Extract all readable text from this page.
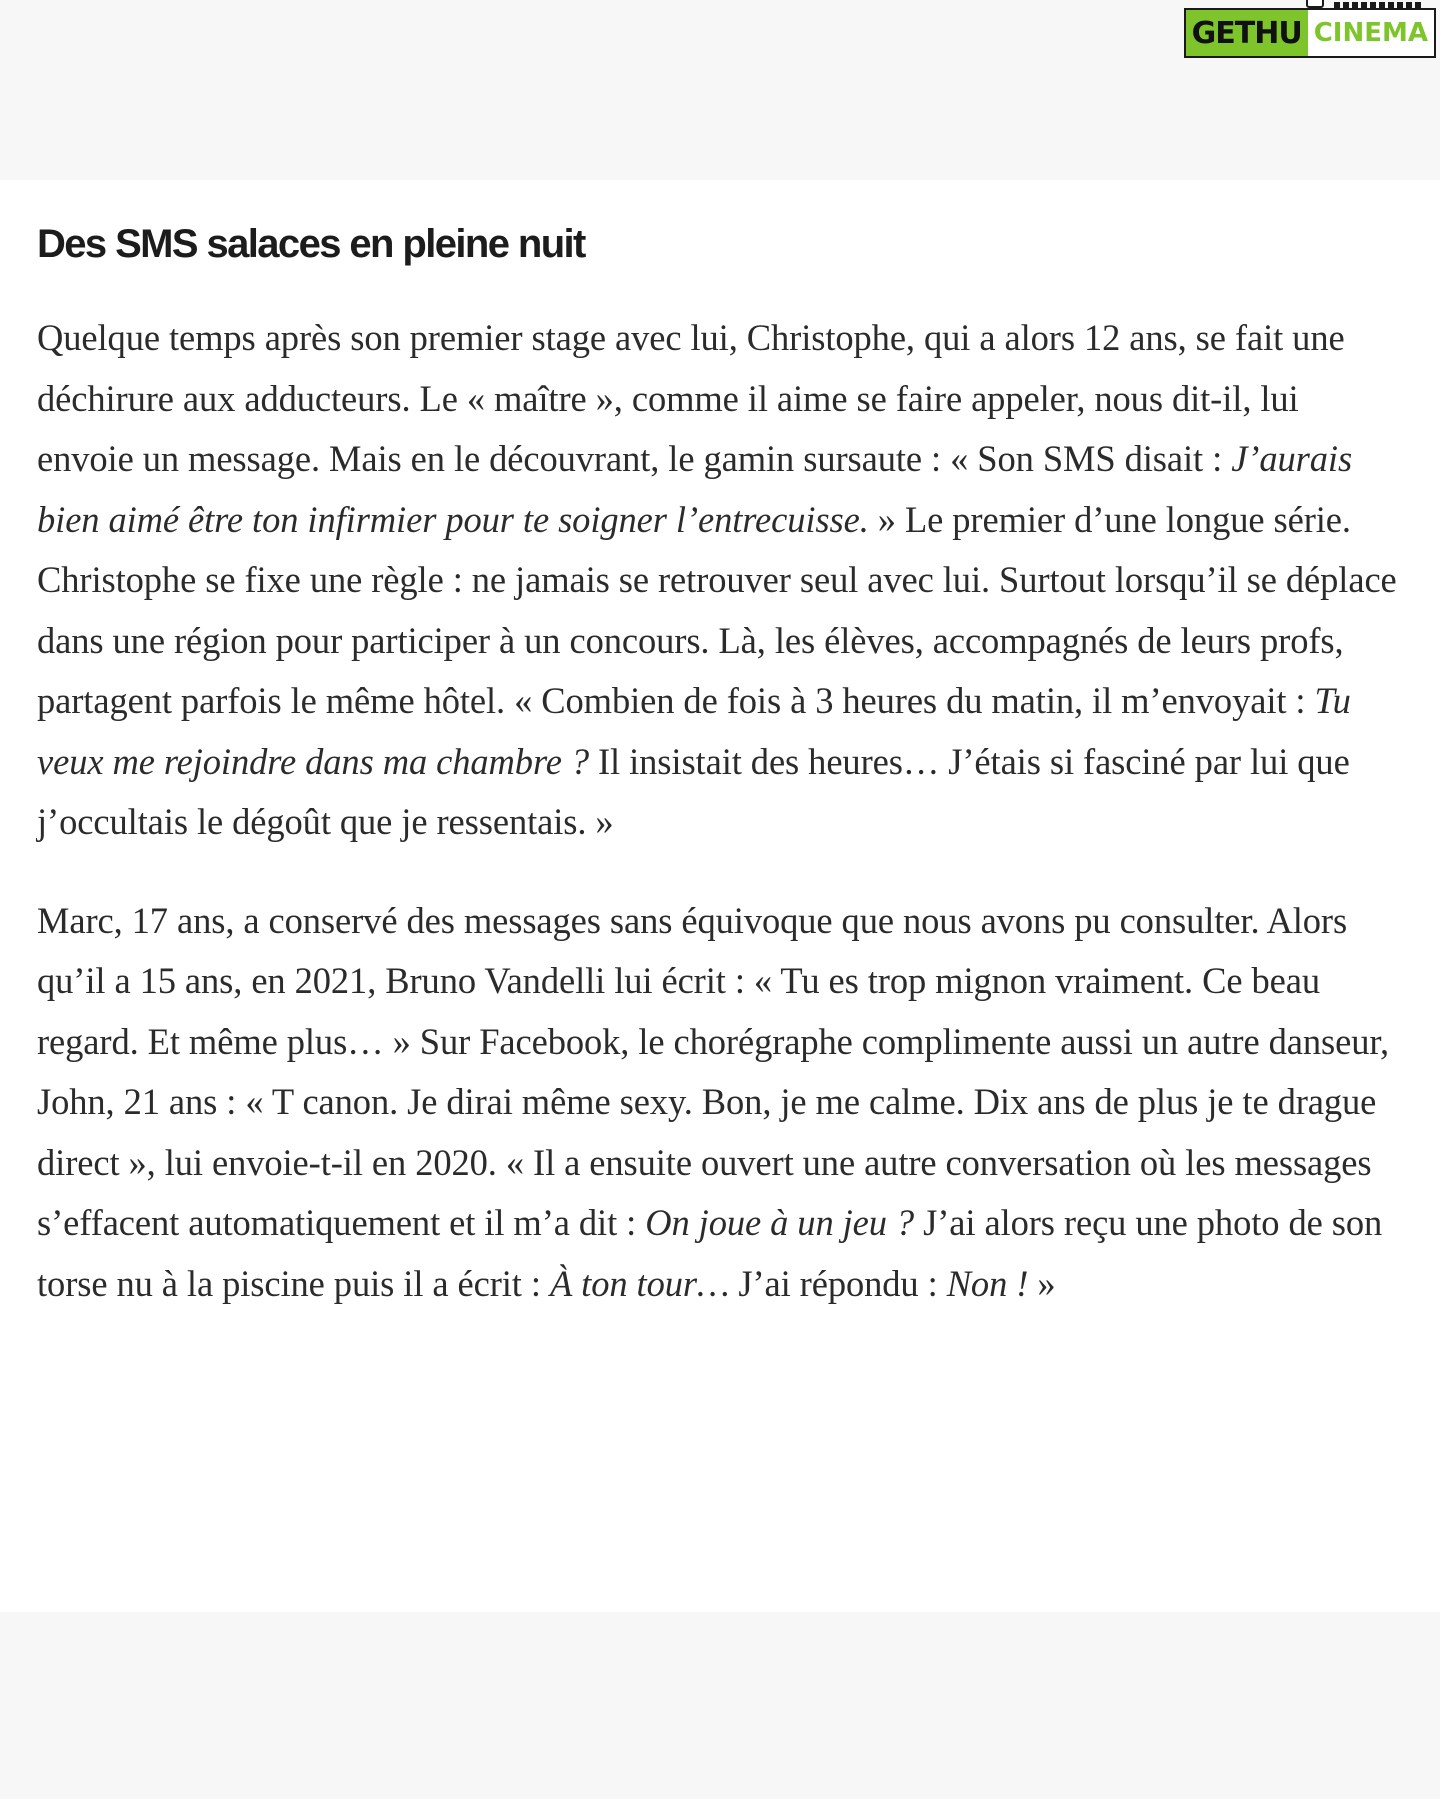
GETHU CINEMA
Des SMS salaces en pleine nuit

Quelque temps après son premier stage avec lui, Christophe, qui a alors 12 ans, se fait une déchirure aux adducteurs. Le « maître », comme il aime se faire appeler, nous dit-il, lui envoie un message. Mais en le découvrant, le gamin sursaute : « Son SMS disait : J’aurais bien aimé être ton infirmier pour te soigner l’entrecuisse. » Le premier d’une longue série. Christophe se fixe une règle : ne jamais se retrouver seul avec lui. Surtout lorsqu’il se déplace dans une région pour participer à un concours. Là, les élèves, accompagnés de leurs profs, partagent parfois le même hôtel. « Combien de fois à 3 heures du matin, il m’envoyait : Tu veux me rejoindre dans ma chambre ? Il insistait des heures… J’étais si fasciné par lui que j’occultais le dégoût que je ressentais. »

Marc, 17 ans, a conservé des messages sans équivoque que nous avons pu consulter. Alors qu’il a 15 ans, en 2021, Bruno Vandelli lui écrit : « Tu es trop mignon vraiment. Ce beau regard. Et même plus… » Sur Facebook, le chorégraphe complimente aussi un autre danseur, John, 21 ans : « T canon. Je dirai même sexy. Bon, je me calme. Dix ans de plus je te drague direct », lui envoie-t-il en 2020. « Il a ensuite ouvert une autre conversation où les messages s’effacent automatiquement et il m’a dit : On joue à un jeu ? J’ai alors reçu une photo de son torse nu à la piscine puis il a écrit : À ton tour… J’ai répondu : Non ! »
